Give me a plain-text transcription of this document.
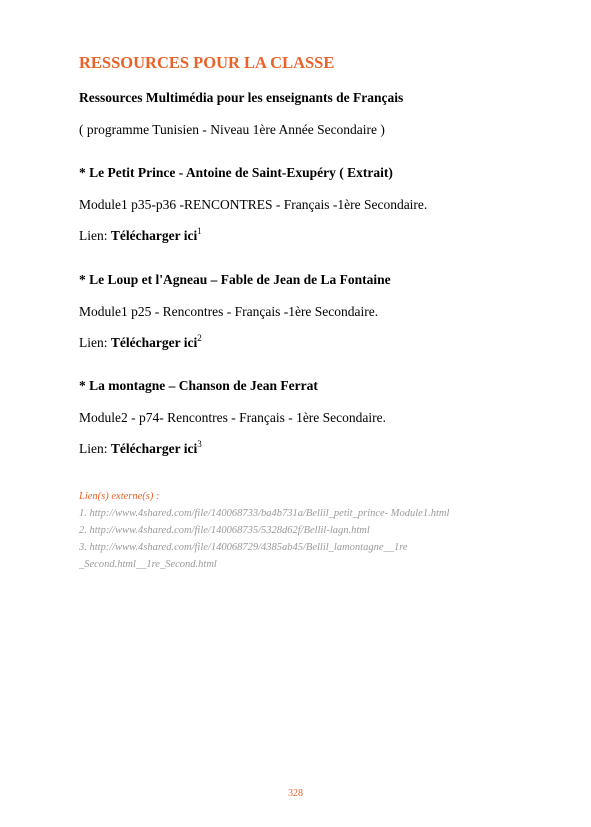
RESSOURCES POUR LA CLASSE
Ressources Multimédia pour les enseignants de Français
( programme Tunisien - Niveau 1ère Année Secondaire )
* Le Petit Prince - Antoine de Saint-Exupéry ( Extrait)
Module1 p35-p36 -RENCONTRES - Français -1ère Secondaire.
Lien: Télécharger ici$^1$
* Le Loup et l'Agneau – Fable de Jean de La Fontaine
Module1 p25 - Rencontres - Français -1ère Secondaire.
Lien: Télécharger ici$^2$
* La montagne – Chanson de Jean Ferrat
Module2 - p74- Rencontres - Français - 1ère Secondaire.
Lien: Télécharger ici$^3$
Lien(s) externe(s) :
1. http://www.4shared.com/file/140068733/ba4b731a/Bellil_petit_prince- Module1.html
2. http://www.4shared.com/file/140068735/5328d62f/Bellil-lagn.html
3. http://www.4shared.com/file/140068729/4385ab45/Bellil_lamontagne__1re
_Second.html__1re_Second.html
328
